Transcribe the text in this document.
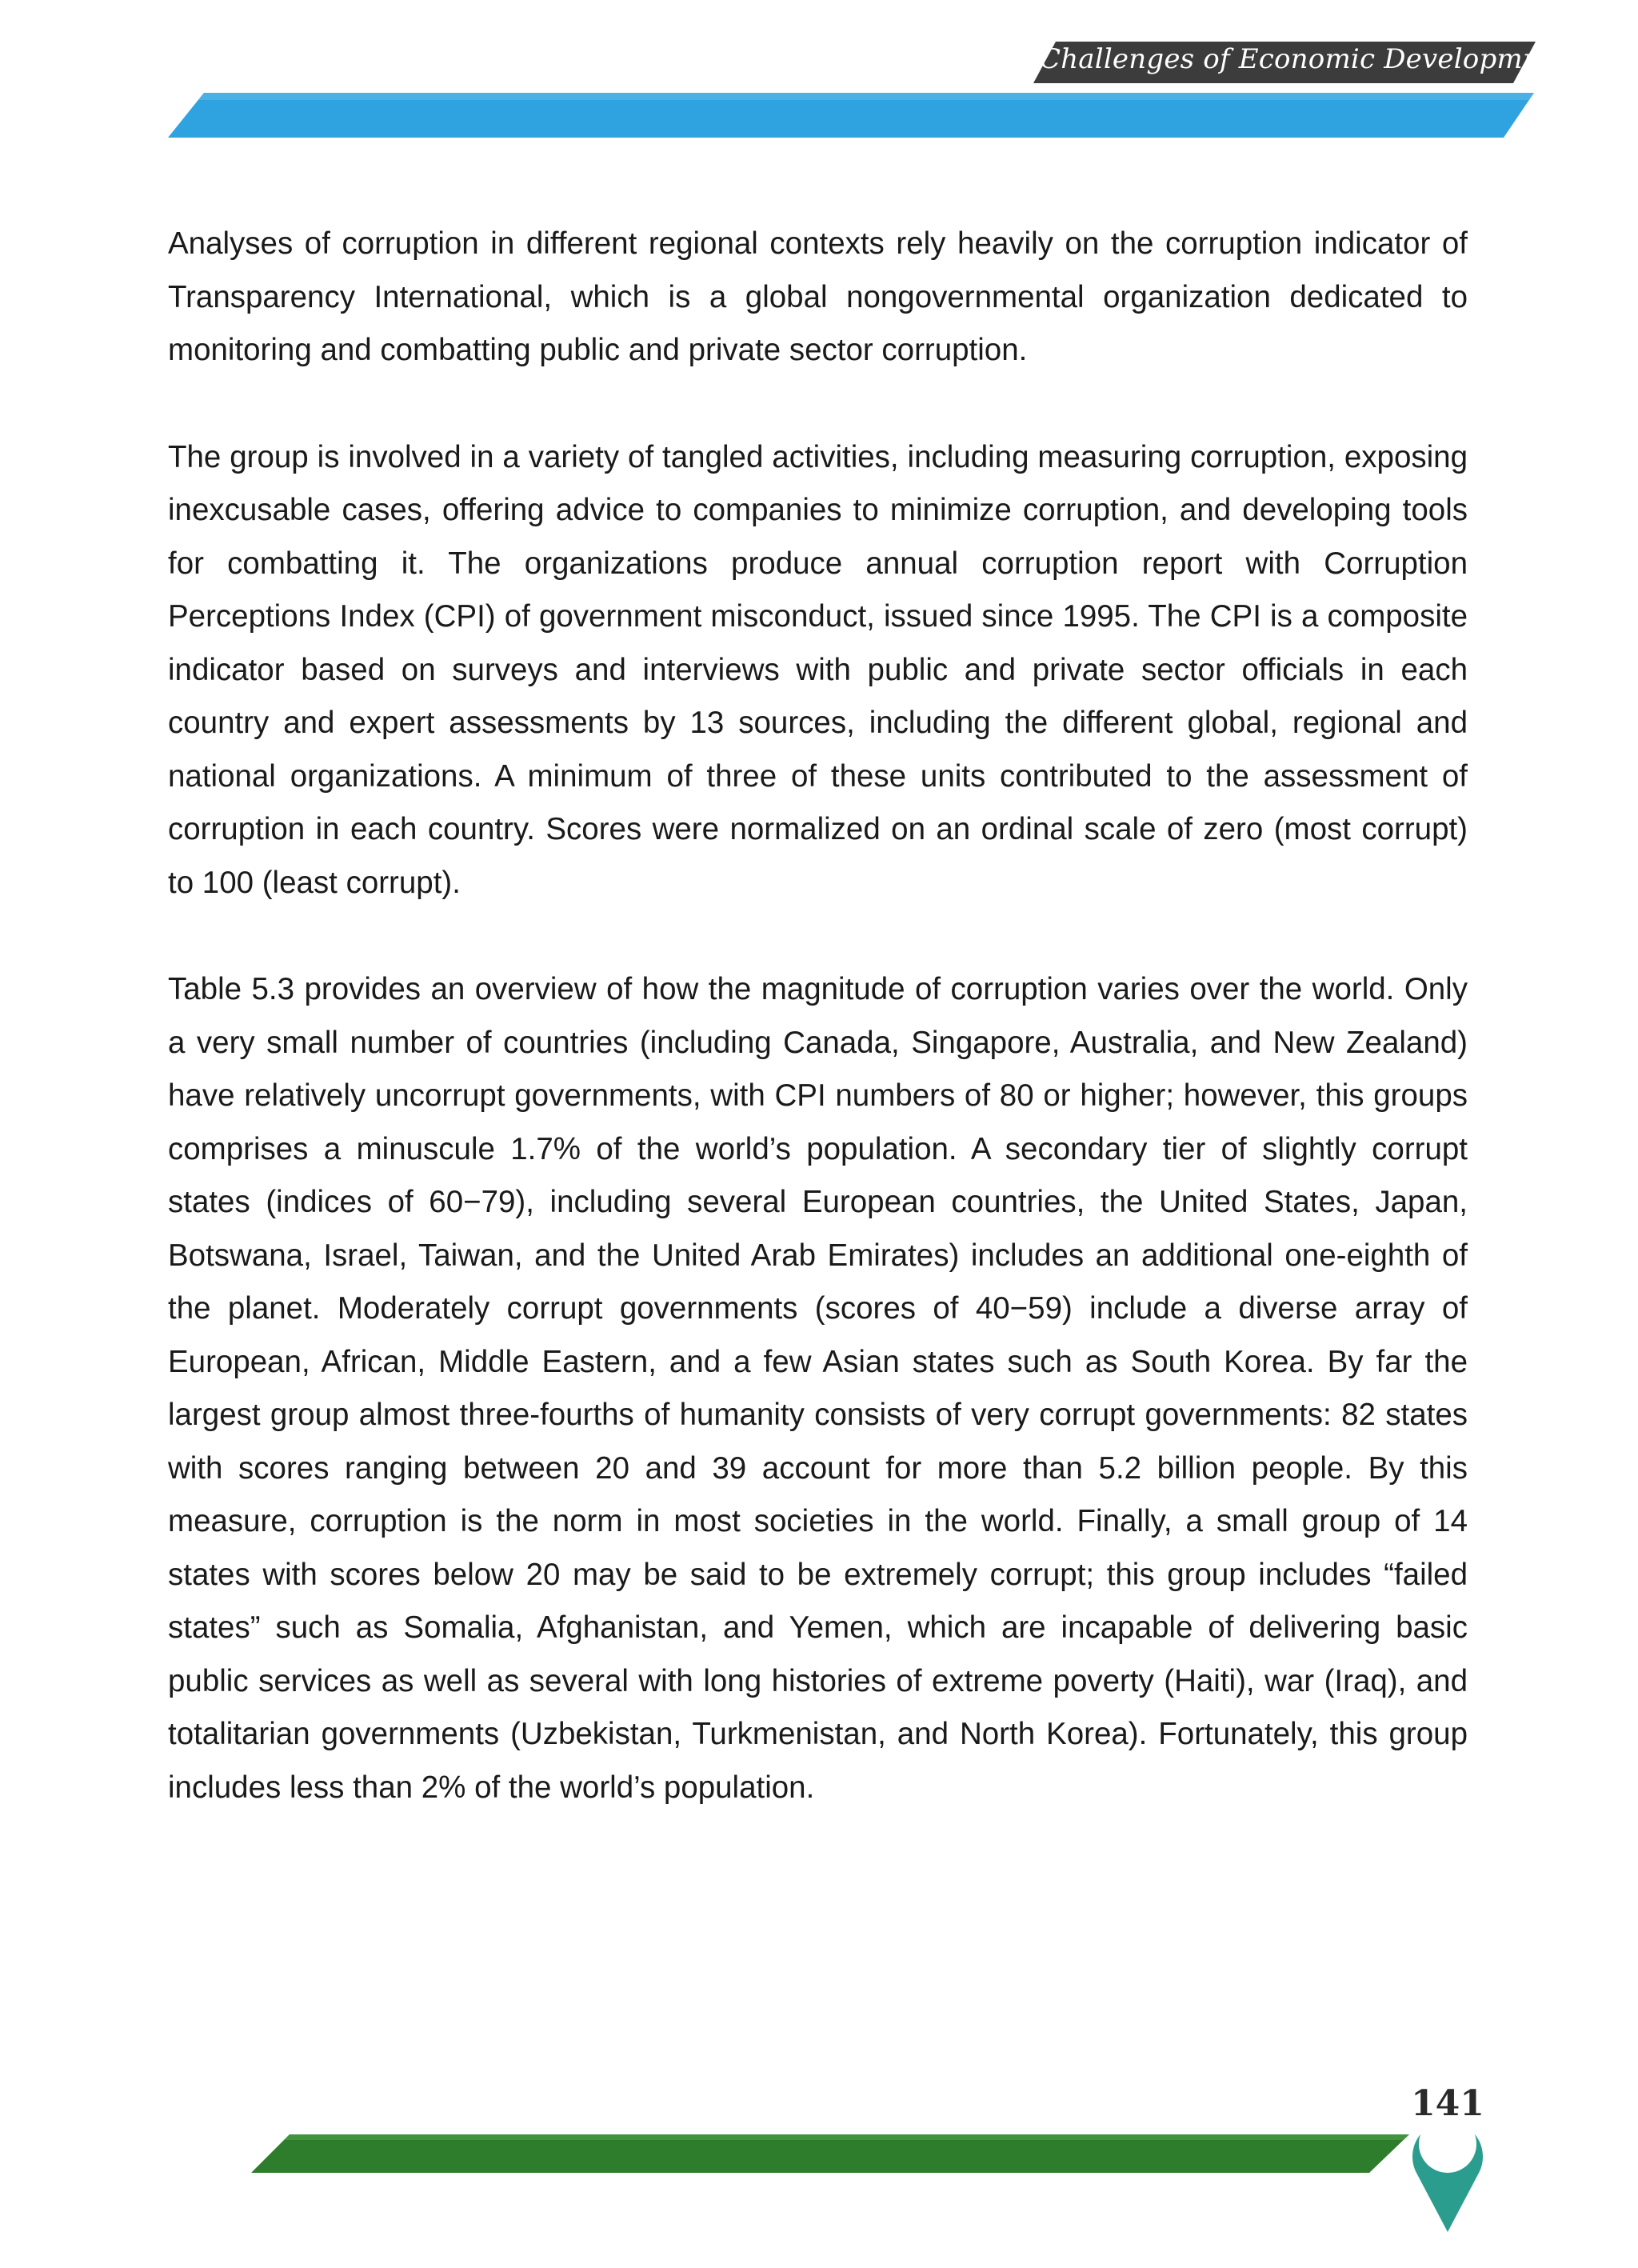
Challenges of Economic Developmnet

Analyses of corruption in different regional contexts rely heavily on the corruption indicator of Transparency International, which is a global nongovernmental organization dedicated to monitoring and combatting public and private sector corruption.

The group is involved in a variety of tangled activities, including measuring corruption, exposing inexcusable cases, offering advice to companies to minimize corruption, and developing tools for combatting it. The organizations produce annual corruption report with Corruption Perceptions Index (CPI) of government misconduct, issued since 1995. The CPI is a composite indicator based on surveys and interviews with public and private sector officials in each country and expert assessments by 13 sources, including the different global, regional and national organizations. A minimum of three of these units contributed to the assessment of corruption in each country. Scores were normalized on an ordinal scale of zero (most corrupt) to 100 (least corrupt).

Table 5.3 provides an overview of how the magnitude of corruption varies over the world. Only a very small number of countries (including Canada, Singapore, Australia, and New Zealand) have relatively uncorrupt governments, with CPI numbers of 80 or higher; however, this groups comprises a minuscule 1.7% of the world’s population. A secondary tier of slightly corrupt states (indices of 60−79), including several European countries, the United States, Japan, Botswana, Israel, Taiwan, and the United Arab Emirates) includes an additional one-eighth of the planet. Moderately corrupt governments (scores of 40−59) include a diverse array of European, African, Middle Eastern, and a few Asian states such as South Korea. By far the largest group almost three-fourths of humanity consists of very corrupt governments: 82 states with scores ranging between 20 and 39 account for more than 5.2 billion people. By this measure, corruption is the norm in most societies in the world. Finally, a small group of 14 states with scores below 20 may be said to be extremely corrupt; this group includes “failed states” such as Somalia, Afghanistan, and Yemen, which are incapable of delivering basic public services as well as several with long histories of extreme poverty (Haiti), war (Iraq), and totalitarian governments (Uzbekistan, Turkmenistan, and North Korea). Fortunately, this group includes less than 2% of the world’s population.

141
